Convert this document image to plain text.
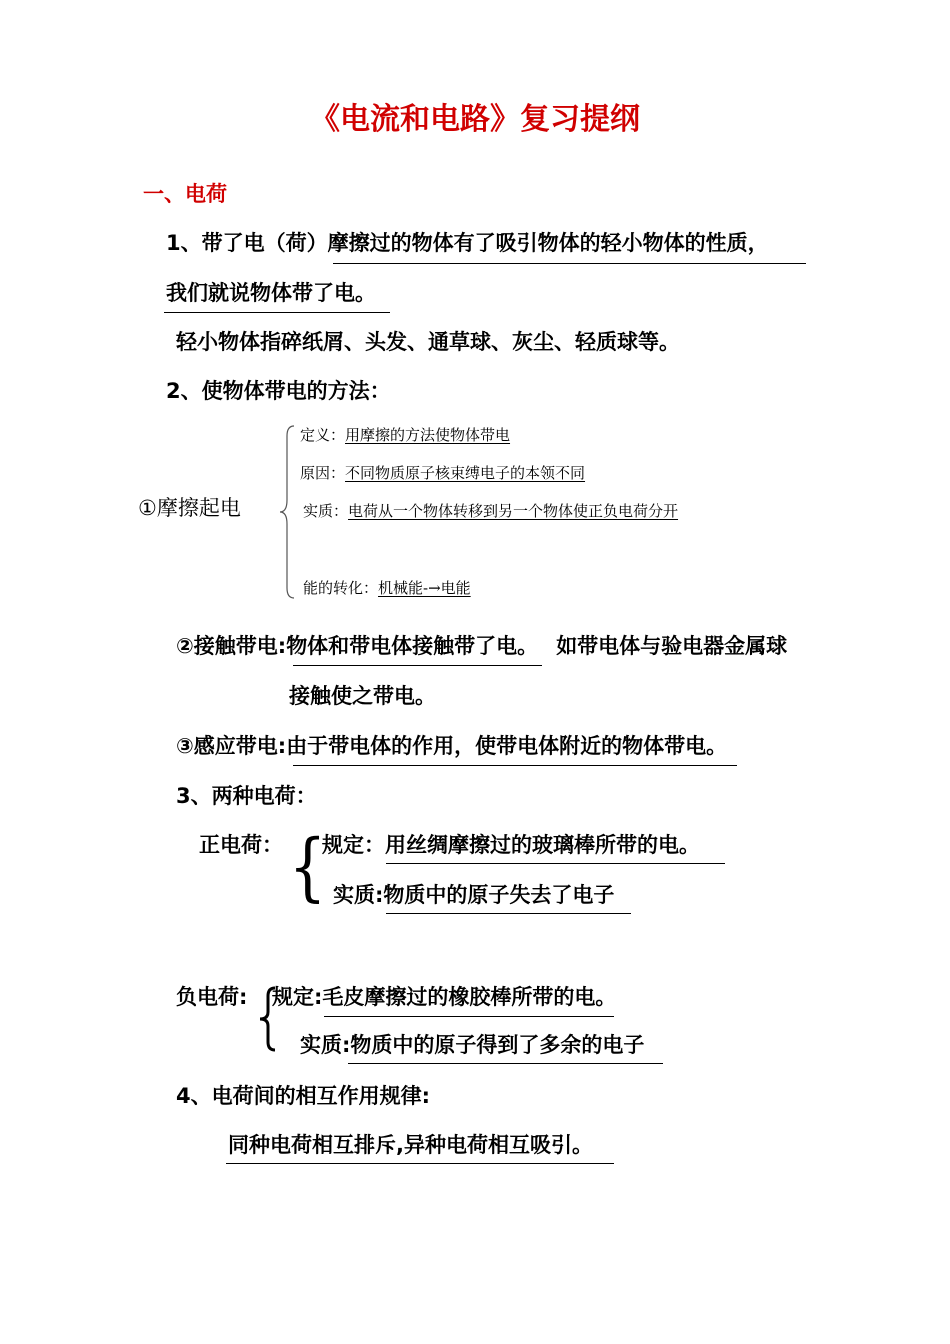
《电流和电路》复习提纲
一、电荷
1、带了电（荷）摩擦过的物体有了吸引物体的轻小物体的性质，
我们就说物体带了电。
轻小物体指碎纸屑、头发、通草球、灰尘、轻质球等。
2、使物体带电的方法：
①摩擦起电
定义：用摩擦的方法使物体带电
原因：不同物质原子核束缚电子的本领不同
实质：电荷从一个物体转移到另一个物体使正负电荷分开
能的转化：机械能-→电能
②接触带电:物体和带电体接触带了电。 如带电体与验电器金属球
接触使之带电。
③感应带电:由于带电体的作用，使带电体附近的物体带电。
3、两种电荷：
正电荷： {
规定：用丝绸摩擦过的玻璃棒所带的电。
实质:物质中的原子失去了电子
负电荷: 规定:毛皮摩擦过的橡胶棒所带的电。
实质:物质中的原子得到了多余的电子
4、电荷间的相互作用规律:
同种电荷相互排斥,异种电荷相互吸引。
